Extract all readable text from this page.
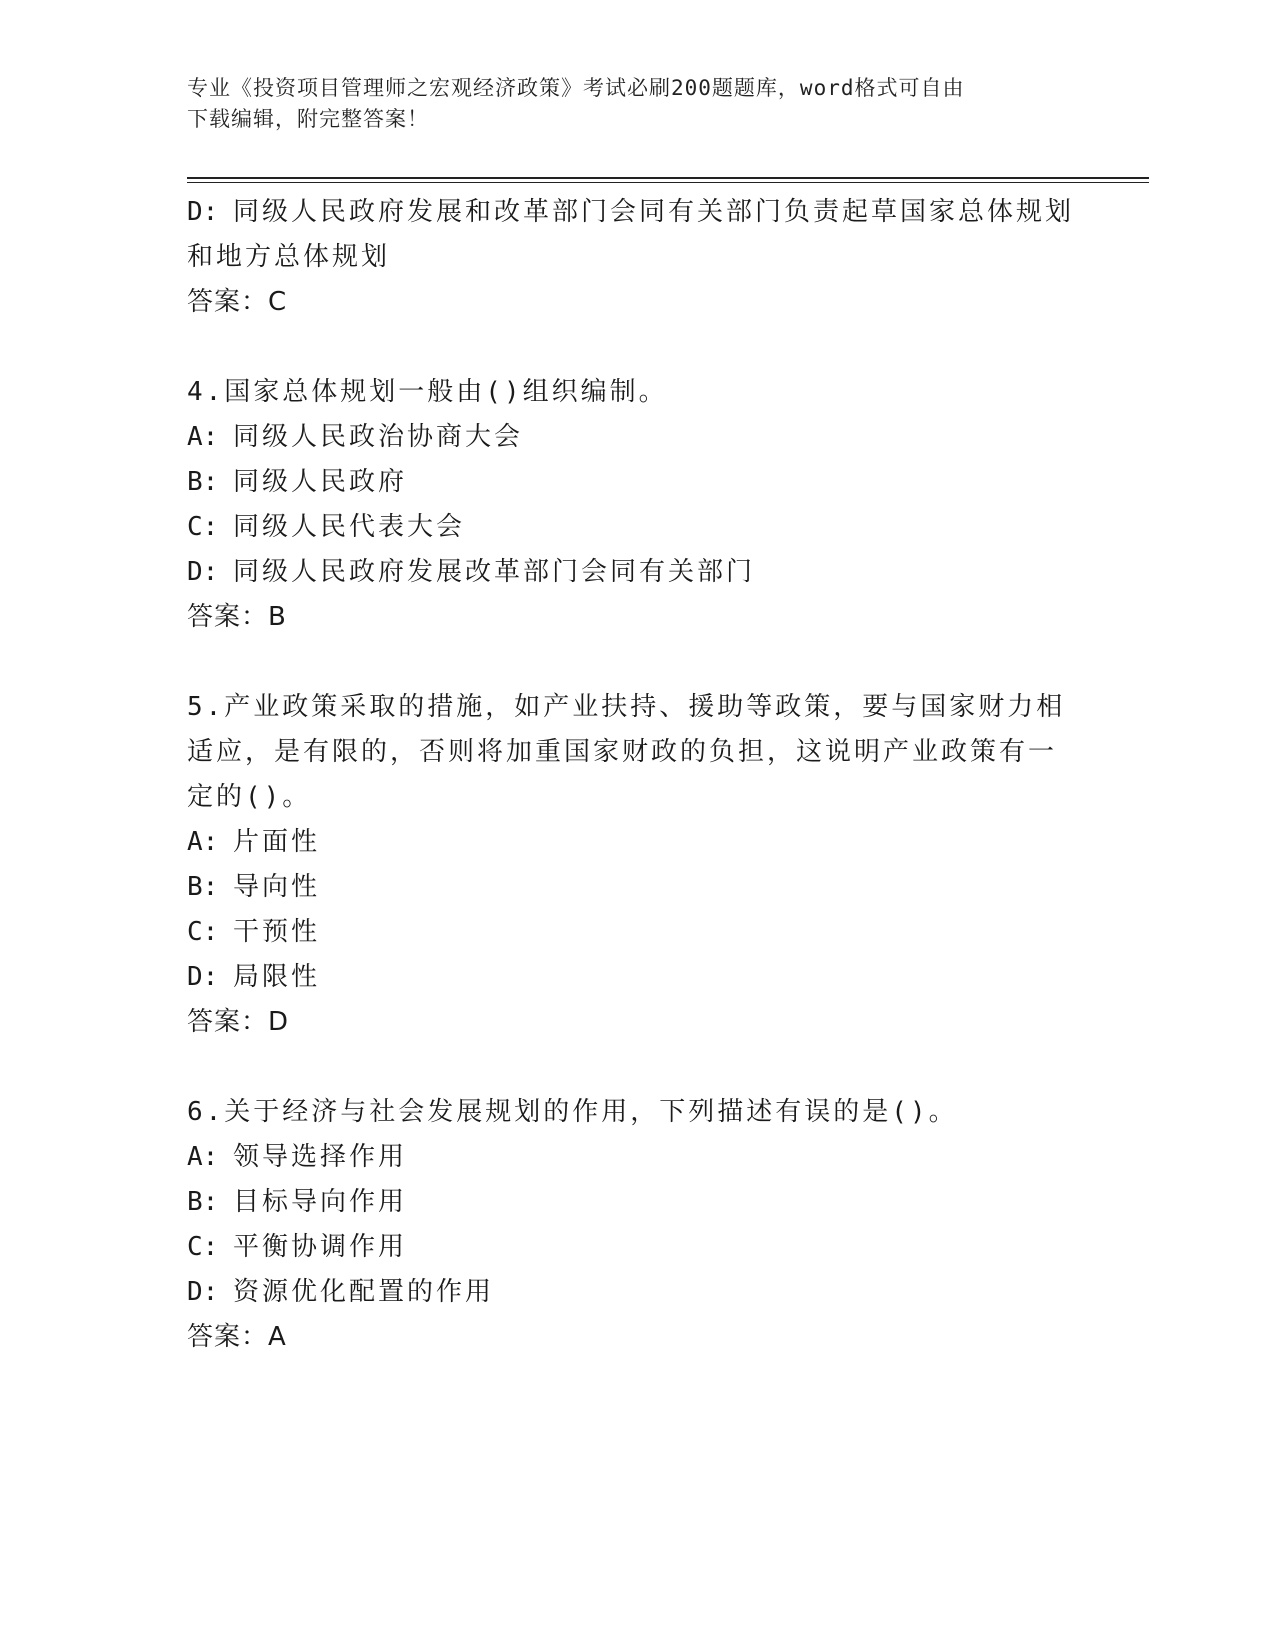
专业《投资项目管理师之宏观经济政策》考试必刷200题题库，word格式可自由
下载编辑，附完整答案！
D: 同级人民政府发展和改革部门会同有关部门负责起草国家总体规划
和地方总体规划
答案：C
4.国家总体规划一般由()组织编制。
A: 同级人民政治协商大会
B: 同级人民政府
C: 同级人民代表大会
D: 同级人民政府发展改革部门会同有关部门
答案：B
5.产业政策采取的措施，如产业扶持、援助等政策，要与国家财力相
适应，是有限的，否则将加重国家财政的负担，这说明产业政策有一
定的()。
A: 片面性
B: 导向性
C: 干预性
D: 局限性
答案：D
6.关于经济与社会发展规划的作用，下列描述有误的是()。
A: 领导选择作用
B: 目标导向作用
C: 平衡协调作用
D: 资源优化配置的作用
答案：A
